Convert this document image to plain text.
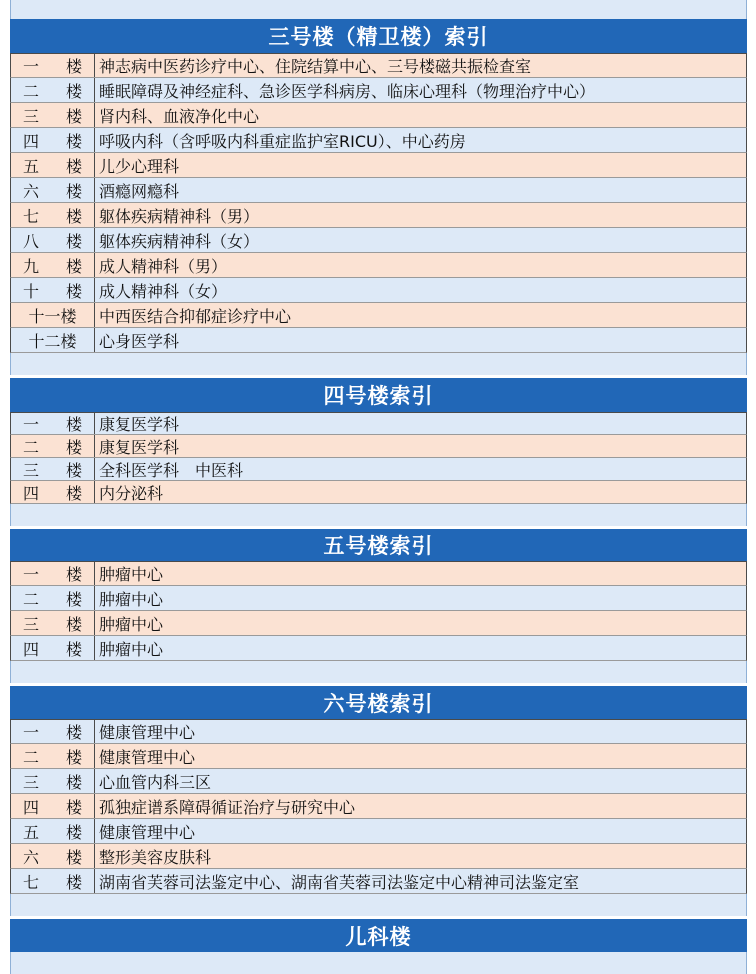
三号楼（精卫楼）索引
一 楼 神志病中医药诊疗中心、住院结算中心、三号楼磁共振检查室
二 楼 睡眠障碍及神经症科、急诊医学科病房、临床心理科（物理治疗中心）
三 楼 肾内科、血液净化中心
四 楼 呼吸内科（含呼吸内科重症监护室RICU）、中心药房
五 楼 儿少心理科
六 楼 酒瘾网瘾科
七 楼 躯体疾病精神科（男）
八 楼 躯体疾病精神科（女）
九 楼 成人精神科（男）
十 楼 成人精神科（女）
十一楼 中西医结合抑郁症诊疗中心
十二楼 心身医学科
四号楼索引
一 楼 康复医学科
二 楼 康复医学科
三 楼 全科医学科　中医科
四 楼 内分泌科
五号楼索引
一 楼 肿瘤中心
二 楼 肿瘤中心
三 楼 肿瘤中心
四 楼 肿瘤中心
六号楼索引
一 楼 健康管理中心
二 楼 健康管理中心
三 楼 心血管内科三区
四 楼 孤独症谱系障碍循证治疗与研究中心
五 楼 健康管理中心
六 楼 整形美容皮肤科
七 楼 湖南省芙蓉司法鉴定中心、湖南省芙蓉司法鉴定中心精神司法鉴定室
儿科楼
